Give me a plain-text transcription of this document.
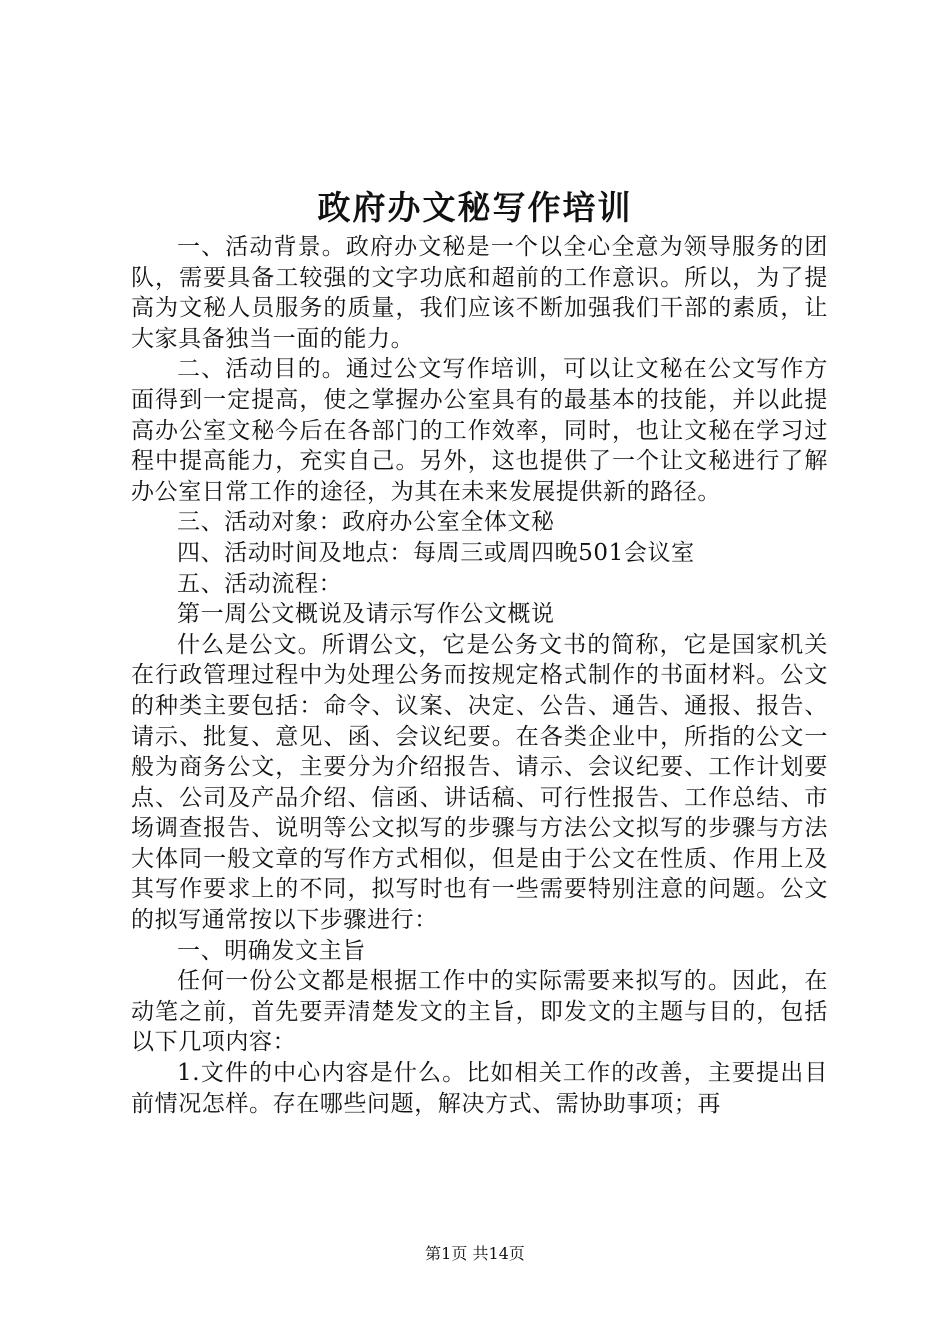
政府办文秘写作培训

一、活动背景。政府办文秘是一个以全心全意为领导服务的团队，需要具备工较强的文字功底和超前的工作意识。所以，为了提高为文秘人员服务的质量，我们应该不断加强我们干部的素质，让大家具备独当一面的能力。

二、活动目的。通过公文写作培训，可以让文秘在公文写作方面得到一定提高，使之掌握办公室具有的最基本的技能，并以此提高办公室文秘今后在各部门的工作效率，同时，也让文秘在学习过程中提高能力，充实自己。另外，这也提供了一个让文秘进行了解办公室日常工作的途径，为其在未来发展提供新的路径。

三、活动对象：政府办公室全体文秘

四、活动时间及地点：每周三或周四晚501会议室

五、活动流程：

第一周公文概说及请示写作公文概说

什么是公文。所谓公文，它是公务文书的简称，它是国家机关在行政管理过程中为处理公务而按规定格式制作的书面材料。公文的种类主要包括：命令、议案、决定、公告、通告、通报、报告、请示、批复、意见、函、会议纪要。在各类企业中，所指的公文一般为商务公文，主要分为介绍报告、请示、会议纪要、工作计划要点、公司及产品介绍、信函、讲话稿、可行性报告、工作总结、市场调查报告、说明等公文拟写的步骤与方法公文拟写的步骤与方法大体同一般文章的写作方式相似，但是由于公文在性质、作用上及其写作要求上的不同，拟写时也有一些需要特别注意的问题。公文的拟写通常按以下步骤进行：

一、明确发文主旨

任何一份公文都是根据工作中的实际需要来拟写的。因此，在动笔之前，首先要弄清楚发文的主旨，即发文的主题与目的，包括以下几项内容：

1.文件的中心内容是什么。比如相关工作的改善，主要提出目前情况怎样。存在哪些问题，解决方式、需协助事项；再

第1页 共14页
